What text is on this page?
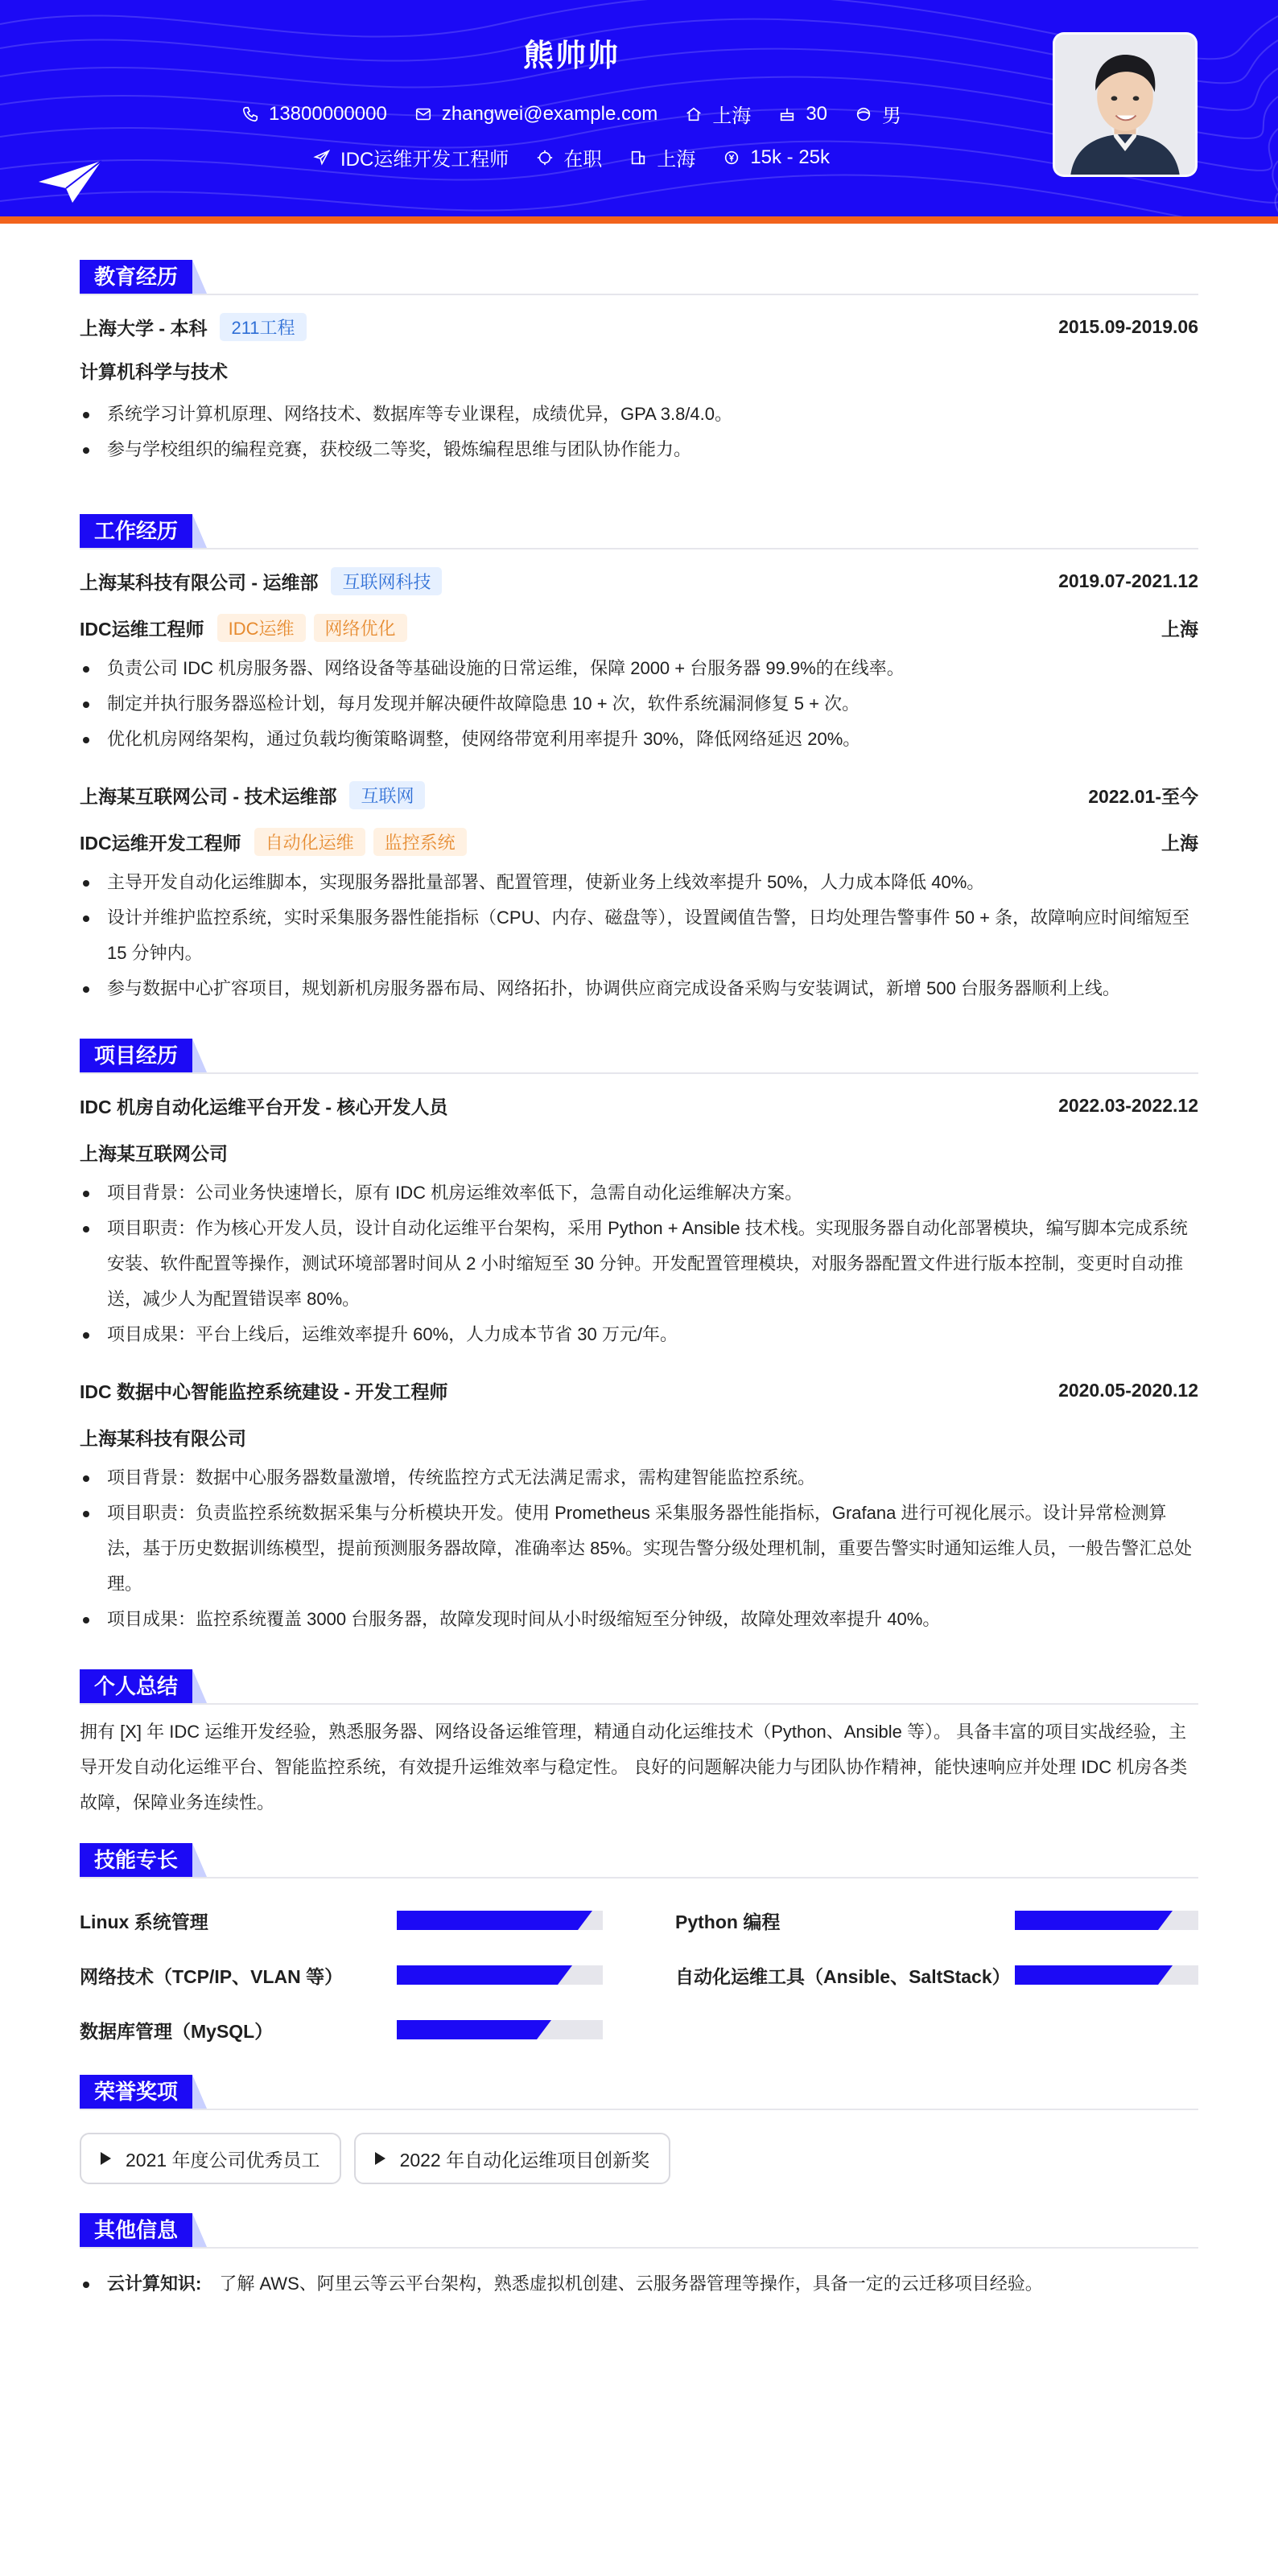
熊帅帅
13800000000	zhangwei@example.com	上海	30	男
IDC运维开发工程师	在职	上海	15k - 25k
教育经历
上海大学 - 本科	211工程	2015.09-2019.06
计算机科学与技术
系统学习计算机原理、网络技术、数据库等专业课程，成绩优异，GPA 3.8/4.0。
参与学校组织的编程竞赛，获校级二等奖，锻炼编程思维与团队协作能力。
工作经历
上海某科技有限公司 - 运维部	互联网科技	2019.07-2021.12
IDC运维工程师	IDC运维	网络优化	上海
负责公司 IDC 机房服务器、网络设备等基础设施的日常运维，保障 2000 + 台服务器 99.9%的在线率。
制定并执行服务器巡检计划，每月发现并解决硬件故障隐患 10 + 次，软件系统漏洞修复 5 + 次。
优化机房网络架构，通过负载均衡策略调整，使网络带宽利用率提升 30%，降低网络延迟 20%。
上海某互联网公司 - 技术运维部	互联网	2022.01-至今
IDC运维开发工程师	自动化运维	监控系统	上海
主导开发自动化运维脚本，实现服务器批量部署、配置管理，使新业务上线效率提升 50%，人力成本降低 40%。
设计并维护监控系统，实时采集服务器性能指标（CPU、内存、磁盘等），设置阈值告警，日均处理告警事件 50 + 条，故障响应时间缩短至 15 分钟内。
参与数据中心扩容项目，规划新机房服务器布局、网络拓扑，协调供应商完成设备采购与安装调试，新增 500 台服务器顺利上线。
项目经历
IDC 机房自动化运维平台开发 - 核心开发人员	2022.03-2022.12
上海某互联网公司
项目背景：公司业务快速增长，原有 IDC 机房运维效率低下，急需自动化运维解决方案。
项目职责：作为核心开发人员，设计自动化运维平台架构，采用 Python + Ansible 技术栈。实现服务器自动化部署模块，编写脚本完成系统安装、软件配置等操作，测试环境部署时间从 2 小时缩短至 30 分钟。开发配置管理模块，对服务器配置文件进行版本控制，变更时自动推送，减少人为配置错误率 80%。
项目成果：平台上线后，运维效率提升 60%，人力成本节省 30 万元/年。
IDC 数据中心智能监控系统建设 - 开发工程师	2020.05-2020.12
上海某科技有限公司
项目背景：数据中心服务器数量激增，传统监控方式无法满足需求，需构建智能监控系统。
项目职责：负责监控系统数据采集与分析模块开发。使用 Prometheus 采集服务器性能指标，Grafana 进行可视化展示。设计异常检测算法，基于历史数据训练模型，提前预测服务器故障，准确率达 85%。实现告警分级处理机制，重要告警实时通知运维人员，一般告警汇总处理。
项目成果：监控系统覆盖 3000 台服务器，故障发现时间从小时级缩短至分钟级，故障处理效率提升 40%。
个人总结
拥有 [X] 年 IDC 运维开发经验，熟悉服务器、网络设备运维管理，精通自动化运维技术（Python、Ansible 等）。 具备丰富的项目实战经验，主导开发自动化运维平台、智能监控系统，有效提升运维效率与稳定性。 良好的问题解决能力与团队协作精神，能快速响应并处理 IDC 机房各类故障，保障业务连续性。
技能专长
Linux 系统管理	Python 编程
网络技术（TCP/IP、VLAN 等）	自动化运维工具（Ansible、SaltStack）
数据库管理（MySQL）
荣誉奖项
2021 年度公司优秀员工	2022 年自动化运维项目创新奖
其他信息
云计算知识: 了解 AWS、阿里云等云平台架构，熟悉虚拟机创建、云服务器管理等操作，具备一定的云迁移项目经验。
